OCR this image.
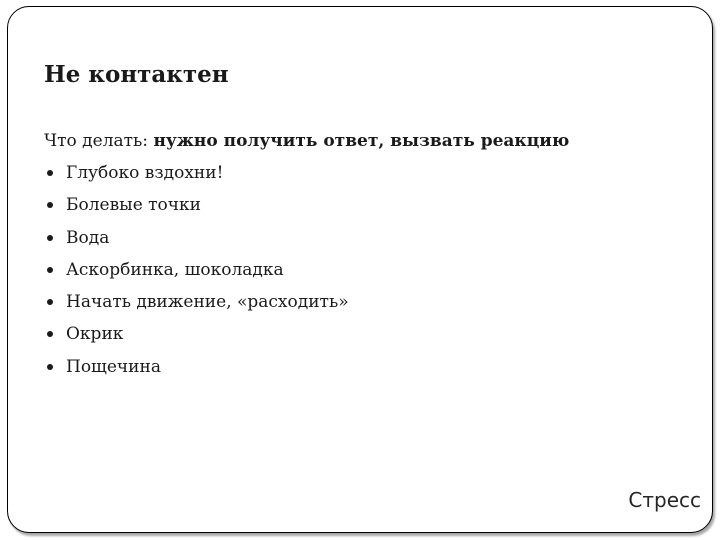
Не контактен
Что делать: нужно получить ответ, вызвать реакцию
Глубоко вздохни!
Болевые точки
Вода
Аскорбинка, шоколадка
Начать движение, «расходить»
Окрик
Пощечина
Стресс
